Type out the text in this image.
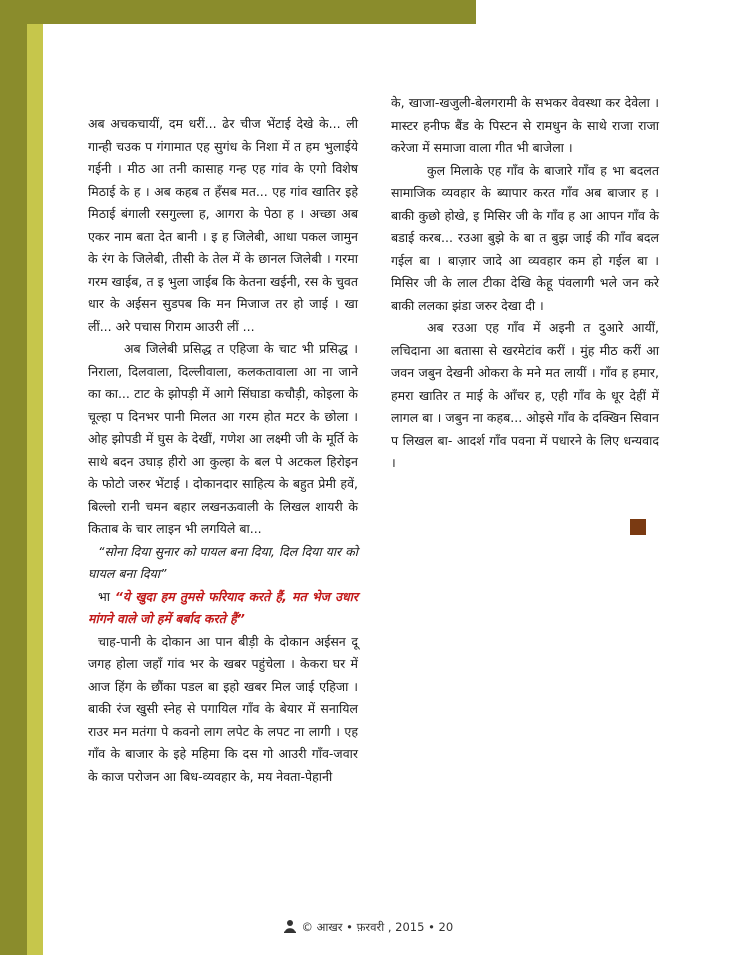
अब अचकचायीं, दम धरीं... ढेर चीज भेंटाई देखे के... ली गान्ही चउक प गंगामात एह सुगंध के निशा में त हम भुलाईये गईनी । मीठ आ तनी कासाह गन्ह एह गांव के एगो विशेष मिठाई के ह । अब कहब त हँसब मत... एह गांव खातिर इहे मिठाई बंगाली रसगुल्ला ह, आगरा के पेठा ह । अच्छा अब एकर नाम बता देत बानी । इ ह जिलेबी, आधा पकल जामुन के रंग के जिलेबी, तीसी के तेल में के छानल जिलेबी । गरमा गरम खाईब, त इ भुला जाईब कि केतना खईनी, रस के चुवत धार के अईसन सुडपब कि मन मिजाज तर हो जाई । खा लीं... अरे पचास गिराम आउरी लीं ...

अब जिलेबी प्रसिद्ध त एहिजा के चाट भी प्रसिद्ध । निराला, दिलवाला, दिल्लीवाला, कलकतावाला आ ना जाने का का... टाट के झोपड़ी में आगे सिंघाडा कचौड़ी, कोइला के चूल्हा प दिनभर पानी मिलत आ गरम होत मटर के छोला । ओह झोपडी में घुस के देखीं, गणेश आ लक्ष्मी जी के मूर्ति के साथे बदन उघाड़ हीरो आ कुल्हा के बल पे अटकल हिरोइन के फोटो जरुर भेंटाई । दोकानदार साहित्य के बहुत प्रेमी हवें, बिल्लो रानी चमन बहार लखनऊवाली के लिखल शायरी के किताब के चार लाइन भी लगयिले बा...

“सोना दिया सुनार को पायल बना दिया, दिल दिया यार को घायल बना दिया”

भा “ये खुदा हम तुमसे फरियाद करते हैं, मत भेज उधार मांगने वाले जो हमें बर्बाद करते हैं”

चाह-पानी के दोकान आ पान बीड़ी के दोकान अईसन दू जगह होला जहाँ गांव भर के खबर पहुंचेला । केकरा घर में आज हिंग के छौंका पडल बा इहो खबर मिल जाई एहिजा । बाकी रंज खुसी स्नेह से पगायिल गाँव के बेयार में सनायिल राउर मन मतंगा पे कवनो लाग लपेट के लपट ना लागी । एह गाँव के बाजार के इहे महिमा कि दस गो आउरी गाँव-जवार के काज परोजन आ बिध-व्यवहार के, मय नेवता-पेहानी

के, खाजा-खजुली-बेलगरामी के सभकर वेवस्था कर देवेला । मास्टर हनीफ बैंड के पिस्टन से रामधुन के साथे राजा राजा करेजा में समाजा वाला गीत भी बाजेला ।

कुल मिलाके एह गाँव के बाजारे गाँव ह भा बदलत सामाजिक व्यवहार के ब्यापार करत गाँव अब बाजार ह । बाकी कुछो होखे, इ मिसिर जी के गाँव ह आ आपन गाँव के बडाई करब... रउआ बुझे के बा त बुझ जाई की गाँव बदल गईल बा । बाज़ार जादे आ व्यवहार कम हो गईल बा । मिसिर जी के लाल टीका देखि केहू पंवलागी भले जन करे बाकी ललका झंडा जरुर देखा दी ।

अब रउआ एह गाँव में अइनी त दुआरे आयीं, लचिदाना आ बतासा से खरमेटांव करीं । मुंह मीठ करीं आ जवन जबुन देखनी ओकरा के मने मत लायीं । गाँव ह हमार, हमरा खातिर त माई के आँचर ह, एही गाँव के धूर देहीं में लागल बा । जबुन ना कहब... ओइसे गाँव के दक्खिन सिवान प लिखल बा- आदर्श गाँव पवना में पधारने के लिए धन्यवाद ।

© आखर • फ़रवरी , 2015 • 20
